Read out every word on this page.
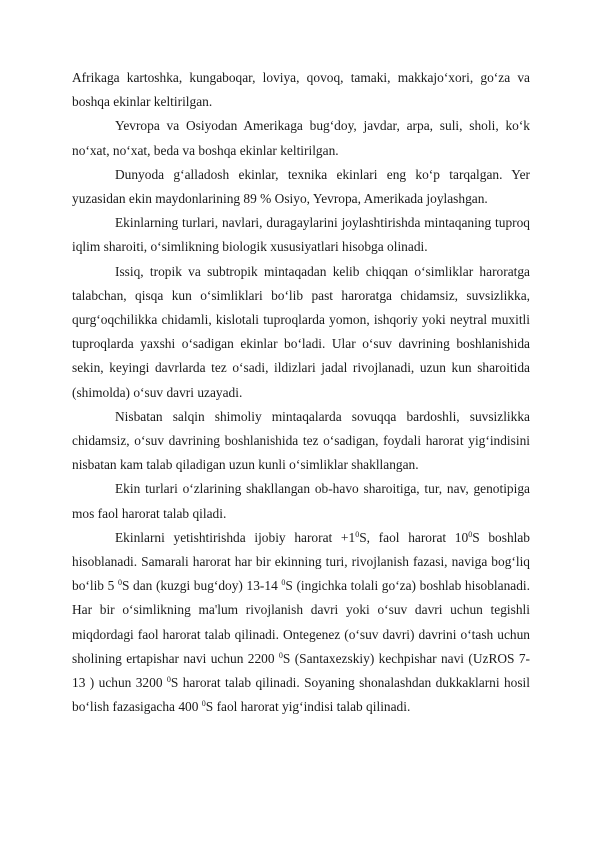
Afrikaga kartoshka, kungaboqar, loviya, qovoq, tamaki, makkajo‘xori, go‘za va boshqa ekinlar keltirilgan.

Yevropa va Osiyodan Amerikaga bug‘doy, javdar, arpa, suli, sholi, ko‘k no‘xat, no‘xat, beda va boshqa ekinlar keltirilgan.

Dunyoda g‘alladosh ekinlar, texnika ekinlari eng ko‘p tarqalgan. Yer yuzasidan ekin maydonlarining 89 % Osiyo, Yevropa, Amerikada joylashgan.

Ekinlarning turlari, navlari, duragaylarini joylashtirishda mintaqaning tuproq iqlim sharoiti, o‘simlikning biologik xususiyatlari hisobga olinadi.

Issiq, tropik va subtropik mintaqadan kelib chiqqan o‘simliklar haroratga talabchan, qisqa kun o‘simliklari bo‘lib past haroratga chidamsiz, suvsizlikka, qurg‘oqchilikka chidamli, kislotali tuproqlarda yomon, ishqoriy yoki neytral muxitli tuproqlarda yaxshi o‘sadigan ekinlar bo‘ladi. Ular o‘suv davrining boshlanishida sekin, keyingi davrlarda tez o‘sadi, ildizlari jadal rivojlanadi, uzun kun sharoitida (shimolda) o‘suv davri uzayadi.

Nisbatan salqin shimoliy mintaqalarda sovuqqa bardoshli, suvsizlikka chidamsiz, o‘suv davrining boshlanishida tez o‘sadigan, foydali harorat yig‘indisini nisbatan kam talab qiladigan uzun kunli o‘simliklar shakllangan.

Ekin turlari o‘zlarining shakllangan ob-havo sharoitiga, tur, nav, genotipiga mos faol harorat talab qiladi.

Ekinlarni yetishtirishda ijobiy harorat $+1^0S$, faol harorat $10^0S$ boshlab hisoblanadi. Samarali harorat har bir ekinning turi, rivojlanish fazasi, naviga bog‘liq bo‘lib 5 $^0$S dan (kuzgi bug‘doy) 13-14 $^0$S (ingichka tolali go‘za) boshlab hisoblanadi. Har bir o‘simlikning ma'lum rivojlanish davri yoki o‘suv davri uchun tegishli miqdordagi faol harorat talab qilinadi. Ontegenez (o‘suv davri) davrini o‘tash uchun sholining ertapishar navi uchun 2200 $^0$S (Santaxezskiy) kechpishar navi (UzROS 7-13 ) uchun 3200 $^0$S harorat talab qilinadi. Soyaning shonalashdan dukkaklarni hosil bo‘lish fazasigacha 400 $^0$S faol harorat yig‘indisi talab qilinadi.
